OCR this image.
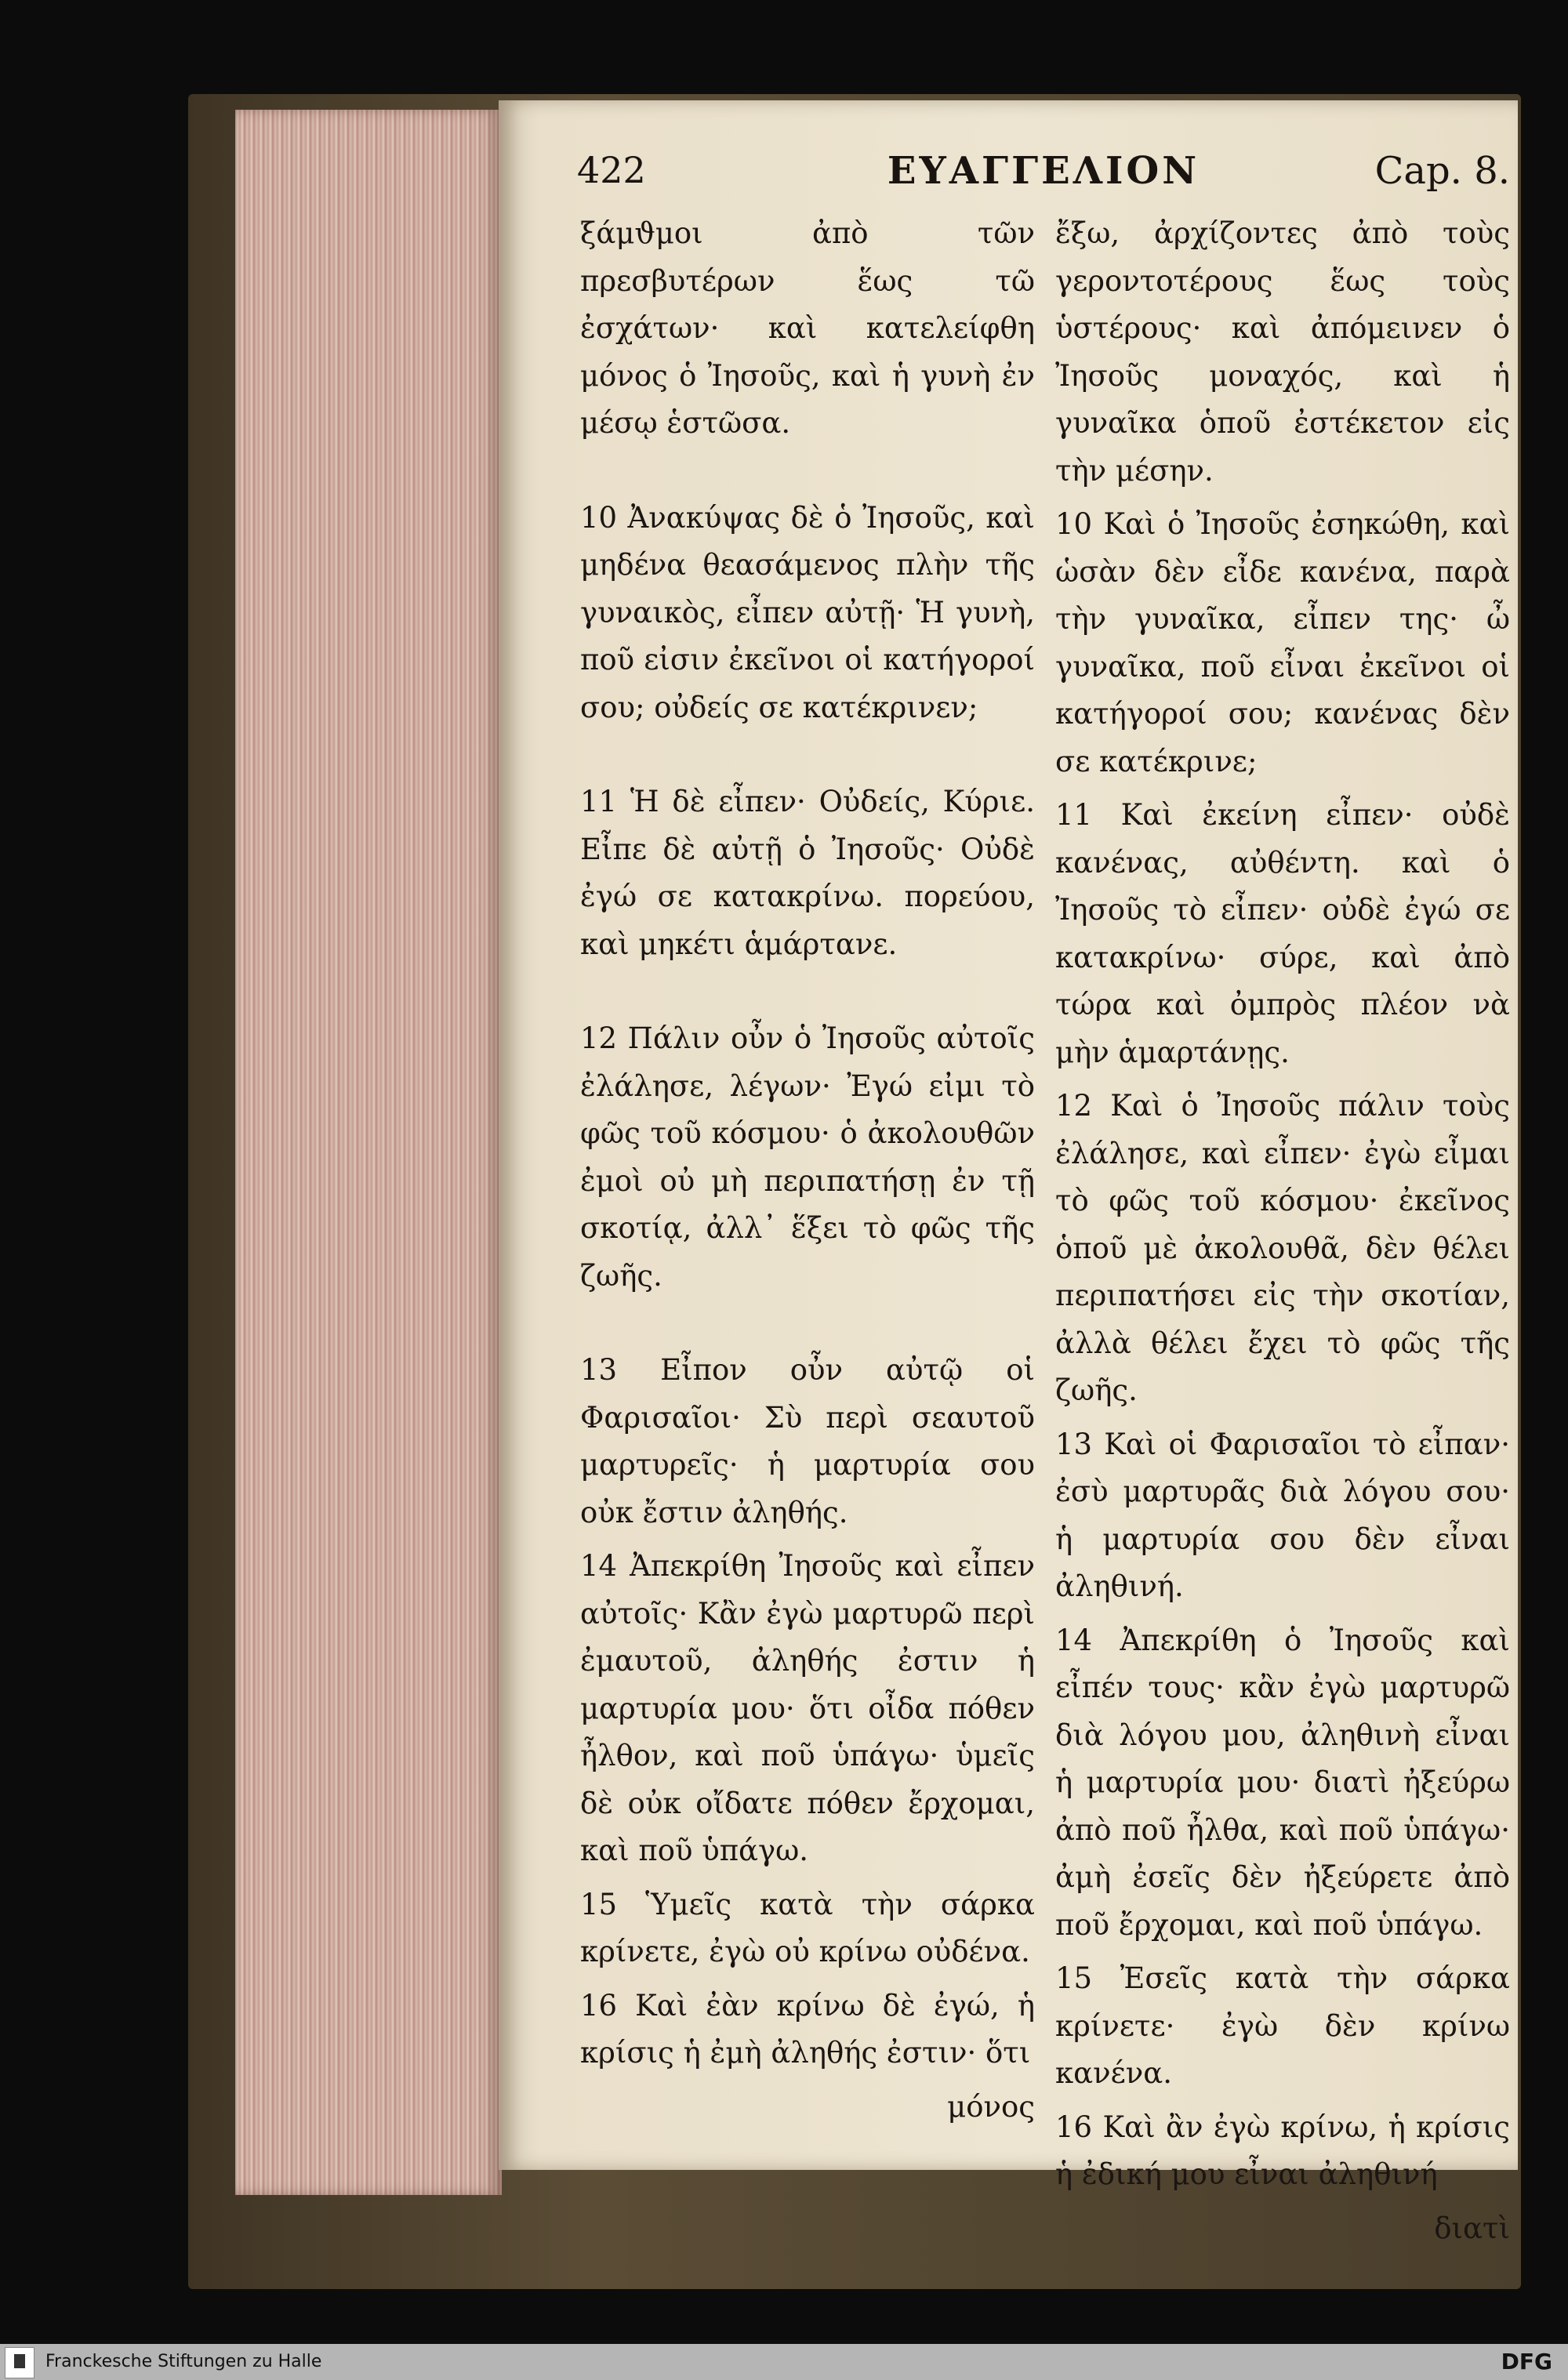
422	ΕΥΑΓΓΕΛΙΟΝ	Cap. 8.

ξάμϑμοι ἀπὸ τῶν πρεσβυτέρων ἕως τῶ ἐσχάτων· καὶ κατελείφθη μόνος ὁ Ἰησοῦς, καὶ ἡ γυνὴ ἐν μέσῳ ἑστῶσα.

10 Ἀνακύψας δὲ ὁ Ἰησοῦς, καὶ μηδένα θεασάμενος πλὴν τῆς γυναικὸς, εἶπεν αὐτῇ· Ἡ γυνὴ, ποῦ εἰσιν ἐκεῖνοι οἱ κατήγοροί σου; οὐδείς σε κατέκρινεν;

11 Ἡ δὲ εἶπεν· Οὐδείς, Κύριε. Εἶπε δὲ αὐτῇ ὁ Ἰησοῦς· Οὐδὲ ἐγώ σε κατακρίνω. πορεύου, καὶ μηκέτι ἁμάρτανε.

12 Πάλιν οὖν ὁ Ἰησοῦς αὐτοῖς ἐλάλησε, λέγων· Ἐγώ εἰμι τὸ φῶς τοῦ κόσμου· ὁ ἀκολουθῶν ἐμοὶ οὐ μὴ περιπατήσῃ ἐν τῇ σκοτίᾳ, ἀλλ᾽ ἕξει τὸ φῶς τῆς ζωῆς.

13 Εἶπον οὖν αὐτῷ οἱ Φαρισαῖοι· Σὺ περὶ σεαυτοῦ μαρτυρεῖς· ἡ μαρτυρία σου οὐκ ἔστιν ἀληθής.

14 Ἀπεκρίθη Ἰησοῦς καὶ εἶπεν αὐτοῖς· Κἂν ἐγὼ μαρτυρῶ περὶ ἐμαυτοῦ, ἀληθής ἐστιν ἡ μαρτυρία μου· ὅτι οἶδα πόθεν ἦλθον, καὶ ποῦ ὑπάγω· ὑμεῖς δὲ οὐκ οἴδατε πόθεν ἔρχομαι, καὶ ποῦ ὑπάγω.

15 Ὑμεῖς κατὰ τὴν σάρκα κρίνετε, ἐγὼ οὐ κρίνω οὐδένα.

16 Καὶ ἐὰν κρίνω δὲ ἐγώ, ἡ κρίσις ἡ ἐμὴ ἀληθής ἐστιν· ὅτι

μόνος

ἔξω, ἀρχίζοντες ἀπὸ τοὺς γεροντοτέρους ἕως τοὺς ὑστέρους· καὶ ἀπόμεινεν ὁ Ἰησοῦς μοναχός, καὶ ἡ γυναῖκα ὁποῦ ἐστέκετον εἰς τὴν μέσην.

10 Καὶ ὁ Ἰησοῦς ἐσηκώθη, καὶ ὡσὰν δὲν εἶδε κανένα, παρὰ τὴν γυναῖκα, εἶπεν της· ὦ γυναῖκα, ποῦ εἶναι ἐκεῖνοι οἱ κατήγοροί σου; κανένας δὲν σε κατέκρινε;

11 Καὶ ἐκείνη εἶπεν· οὐδὲ κανένας, αὐθέντη. καὶ ὁ Ἰησοῦς τὸ εἶπεν· οὐδὲ ἐγώ σε κατακρίνω· σύρε, καὶ ἀπὸ τώρα καὶ ὀμπρὸς πλέον νὰ μὴν ἁμαρτάνῃς.

12 Καὶ ὁ Ἰησοῦς πάλιν τοὺς ἐλάλησε, καὶ εἶπεν· ἐγὼ εἶμαι τὸ φῶς τοῦ κόσμου· ἐκεῖνος ὁποῦ μὲ ἀκολουθᾶ, δὲν θέλει περιπατήσει εἰς τὴν σκοτίαν, ἀλλὰ θέλει ἔχει τὸ φῶς τῆς ζωῆς.

13 Καὶ οἱ Φαρισαῖοι τὸ εἶπαν· ἐσὺ μαρτυρᾶς διὰ λόγου σου· ἡ μαρτυρία σου δὲν εἶναι ἀληθινή.

14 Ἀπεκρίθη ὁ Ἰησοῦς καὶ εἶπέν τους· κἂν ἐγὼ μαρτυρῶ διὰ λόγου μου, ἀληθινὴ εἶναι ἡ μαρτυρία μου· διατὶ ἠξεύρω ἀπὸ ποῦ ἦλθα, καὶ ποῦ ὑπάγω· ἀμὴ ἐσεῖς δὲν ἠξεύρετε ἀπὸ ποῦ ἔρχομαι, καὶ ποῦ ὑπάγω.

15 Ἐσεῖς κατὰ τὴν σάρκα κρίνετε· ἐγὼ δὲν κρίνω κανένα.

16 Καὶ ἂν ἐγὼ κρίνω, ἡ κρίσις ἡ ἐδική μου εἶναι ἀληθινή

διατὶ
Franckesche Stiftungen zu Halle	DFG
